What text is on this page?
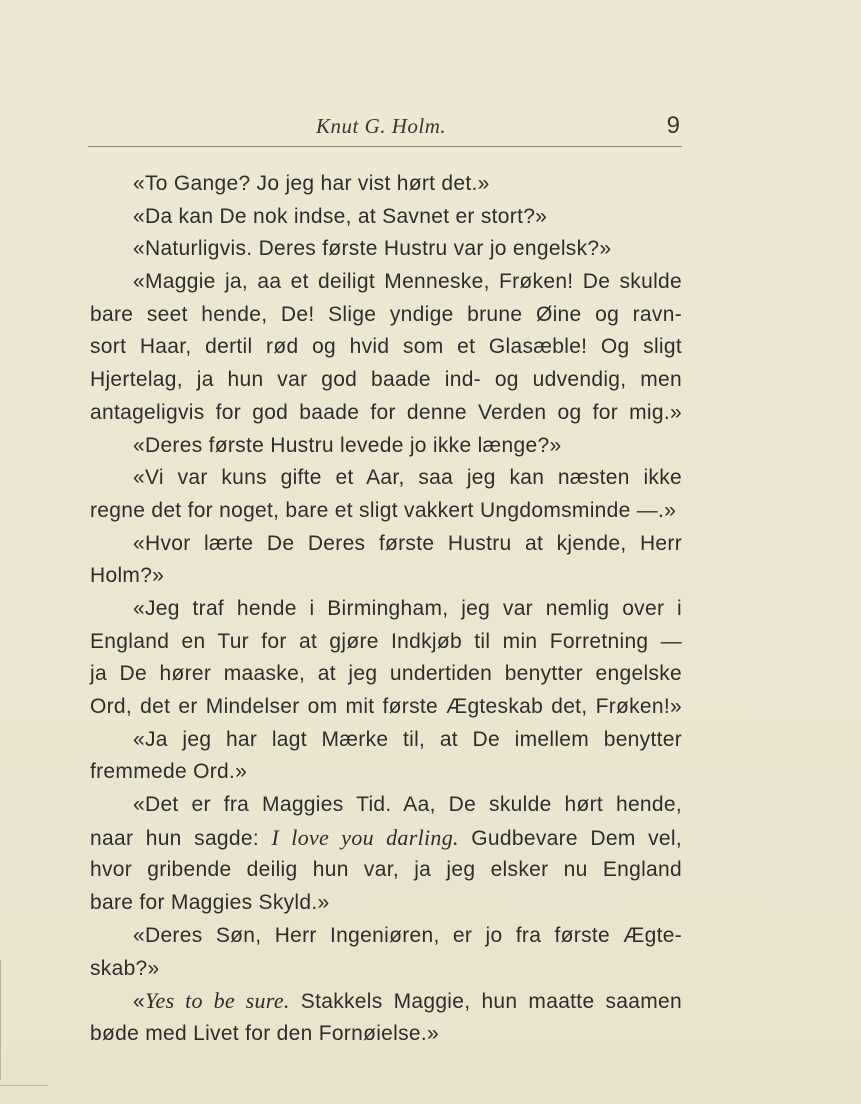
Knut G. Holm.	9
«To Gange? Jo jeg har vist hørt det.»
«Da kan De nok indse, at Savnet er stort?»
«Naturligvis. Deres første Hustru var jo engelsk?»
«Maggie ja, aa et deiligt Menneske, Frøken! De skulde
bare seet hende, De! Slige yndige brune Øine og ravn-
sort Haar, dertil rød og hvid som et Glasæble! Og sligt
Hjertelag, ja hun var god baade ind- og udvendig, men
antageligvis for god baade for denne Verden og for mig.»
«Deres første Hustru levede jo ikke længe?»
«Vi var kuns gifte et Aar, saa jeg kan næsten ikke
regne det for noget, bare et sligt vakkert Ungdomsminde —.»
«Hvor lærte De Deres første Hustru at kjende, Herr
Holm?»
«Jeg traf hende i Birmingham, jeg var nemlig over i
England en Tur for at gjøre Indkjøb til min Forretning —
ja De hører maaske, at jeg undertiden benytter engelske
Ord, det er Mindelser om mit første Ægteskab det, Frøken!»
«Ja jeg har lagt Mærke til, at De imellem benytter
fremmede Ord.»
«Det er fra Maggies Tid. Aa, De skulde hørt hende,
naar hun sagde: I love you darling. Gudbevare Dem vel,
hvor gribende deilig hun var, ja jeg elsker nu England
bare for Maggies Skyld.»
«Deres Søn, Herr Ingeniøren, er jo fra første Ægte-
skab?»
«Yes to be sure. Stakkels Maggie, hun maatte saamen
bøde med Livet for den Fornøielse.»
